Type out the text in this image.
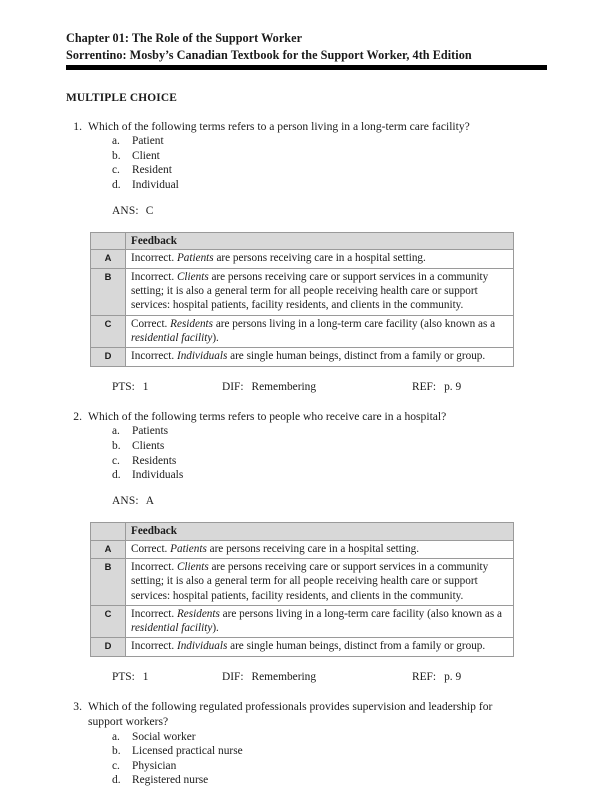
Chapter 01: The Role of the Support Worker
Sorrentino: Mosby’s Canadian Textbook for the Support Worker, 4th Edition
MULTIPLE CHOICE
1. Which of the following terms refers to a person living in a long-term care facility?
a.	Patient
b.	Client
c.	Resident
d.	Individual
ANS: C
	Feedback
A	Incorrect. Patients are persons receiving care in a hospital setting.
B	Incorrect. Clients are persons receiving care or support services in a community setting; it is also a general term for all people receiving health care or support services: hospital patients, facility residents, and clients in the community.
C	Correct. Residents are persons living in a long-term care facility (also known as a residential facility).
D	Incorrect. Individuals are single human beings, distinct from a family or group.
PTS: 1	DIF: Remembering	REF: p. 9
2. Which of the following terms refers to people who receive care in a hospital?
a.	Patients
b.	Clients
c.	Residents
d.	Individuals
ANS: A
	Feedback
A	Correct. Patients are persons receiving care in a hospital setting.
B	Incorrect. Clients are persons receiving care or support services in a community setting; it is also a general term for all people receiving health care or support services: hospital patients, facility residents, and clients in the community.
C	Incorrect. Residents are persons living in a long-term care facility (also known as a residential facility).
D	Incorrect. Individuals are single human beings, distinct from a family or group.
PTS: 1	DIF: Remembering	REF: p. 9
3. Which of the following regulated professionals provides supervision and leadership for support workers?
a.	Social worker
b.	Licensed practical nurse
c.	Physician
d.	Registered nurse
